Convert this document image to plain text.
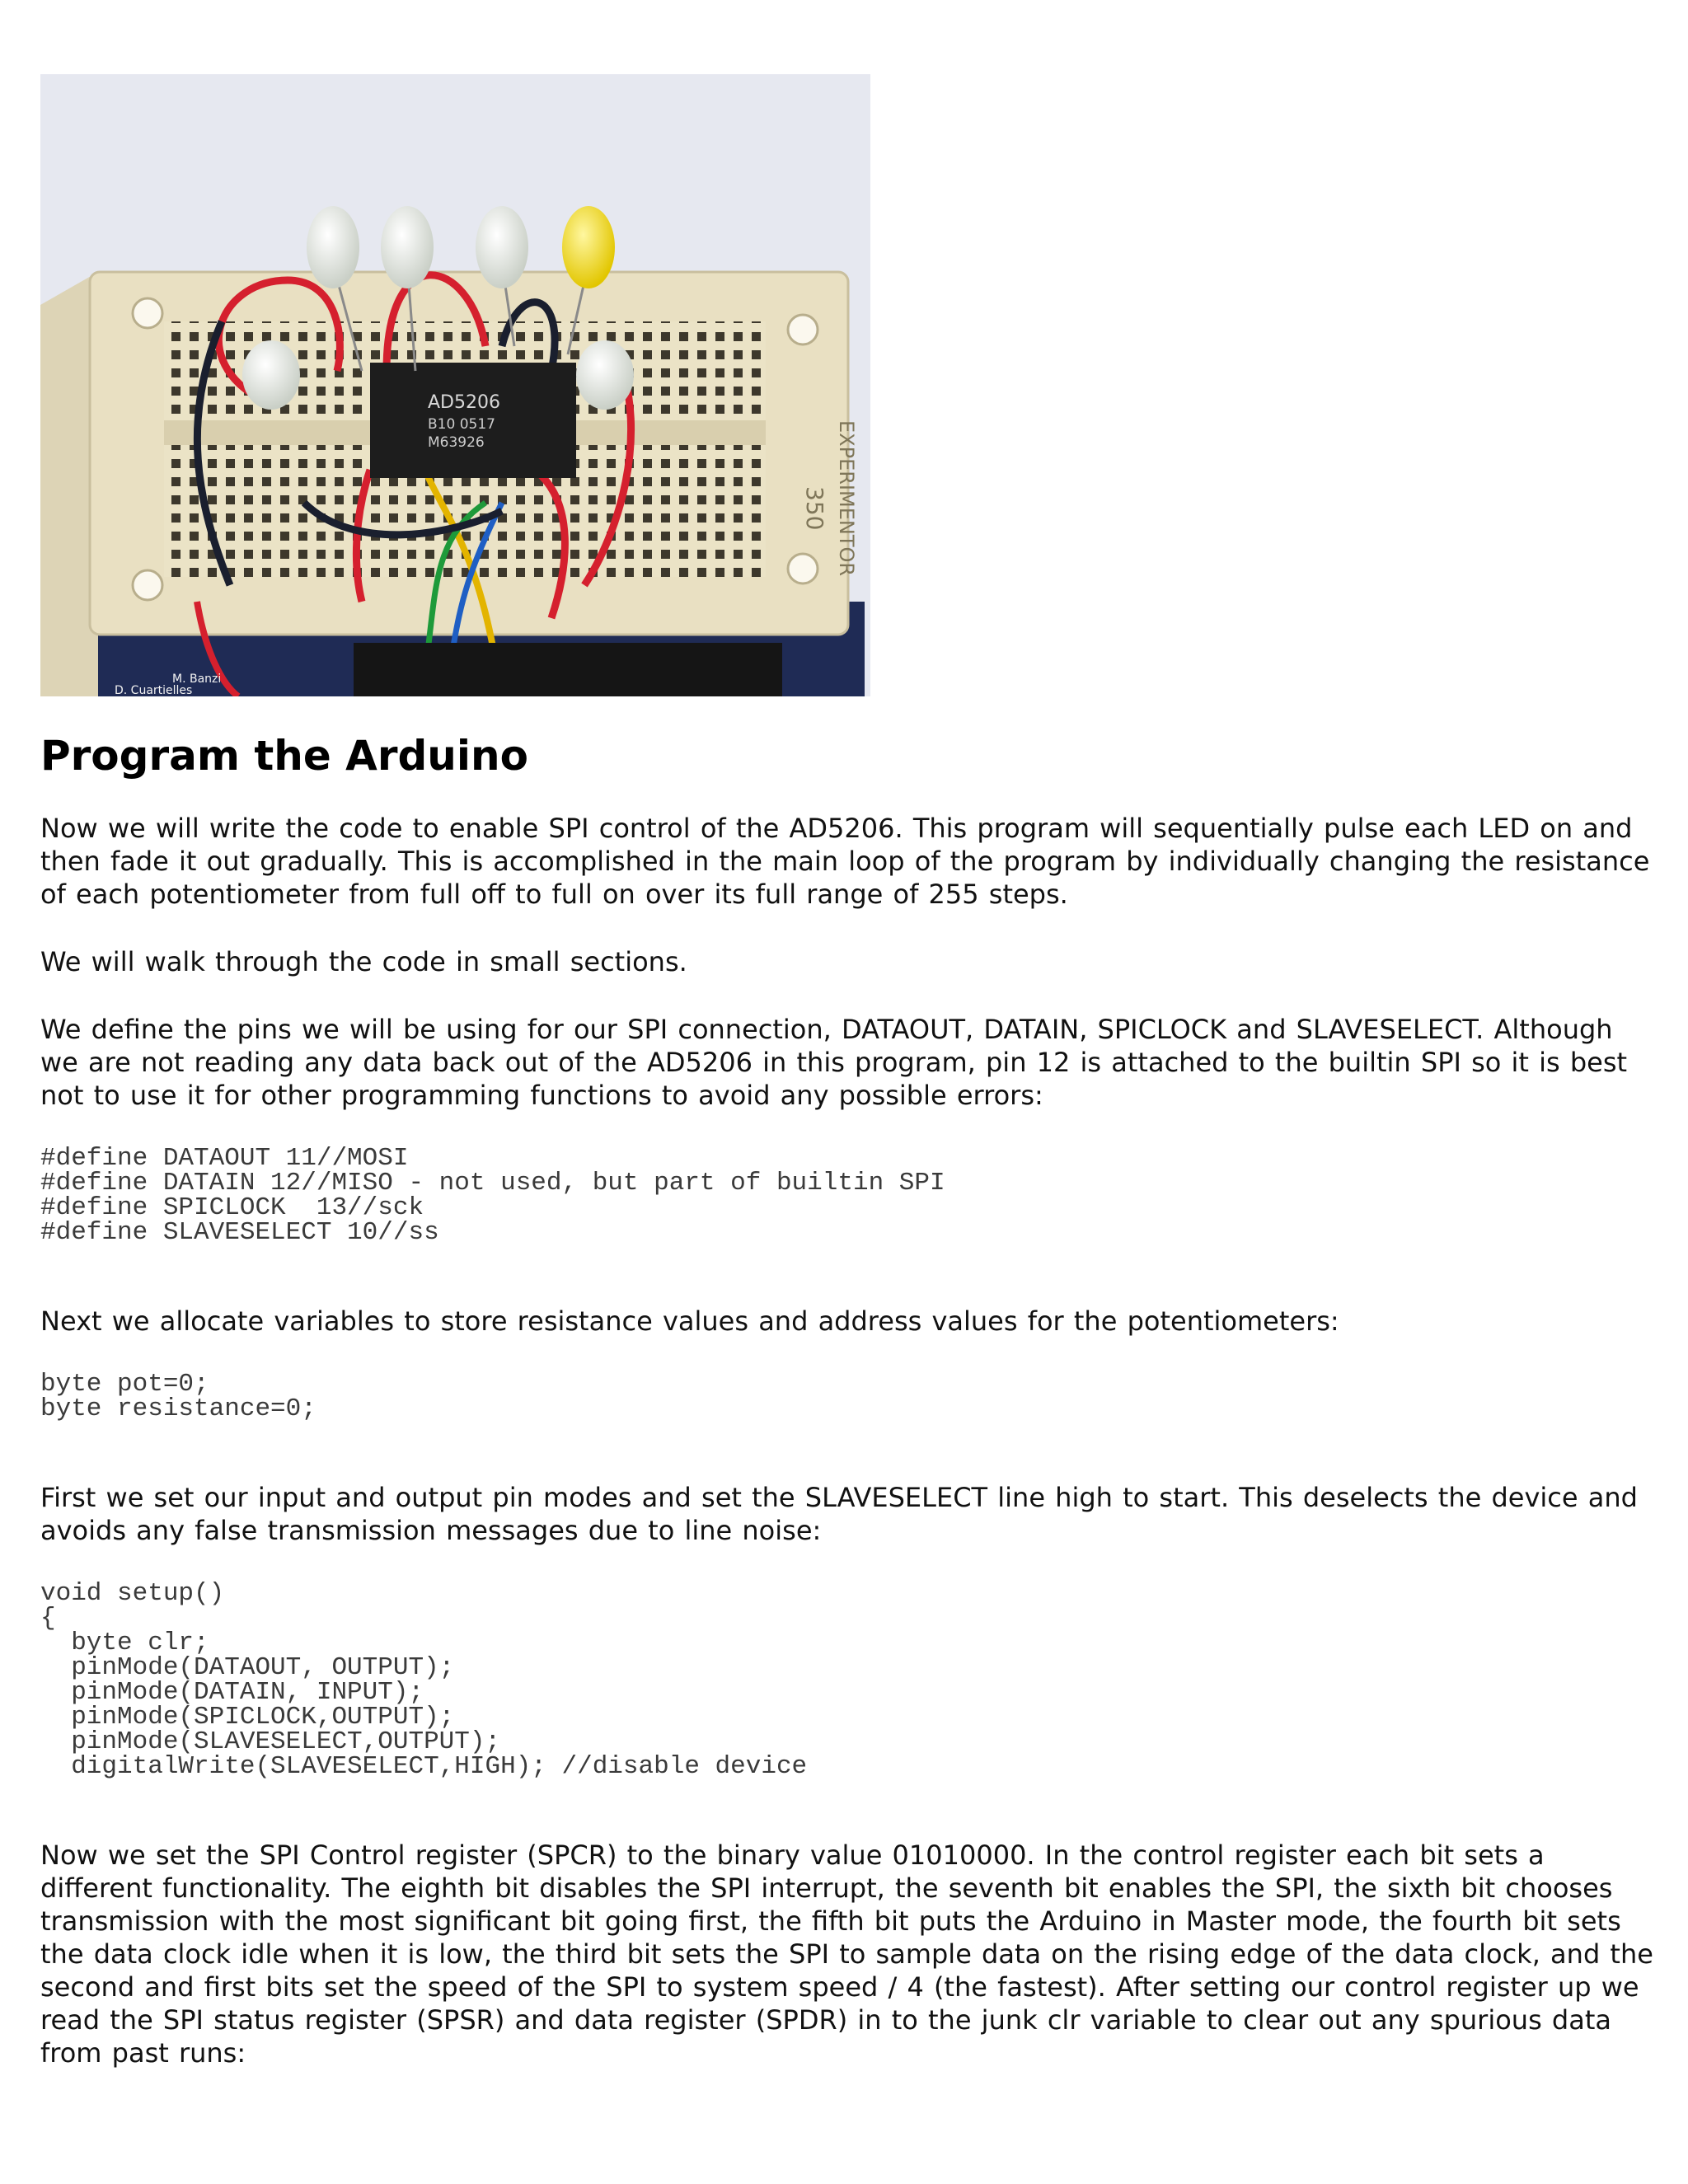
AD5206
B10 0517
M63926	EXPERIMENTOR
350
M. Banzi
D. Cuartielles
Program the Arduino

Now we will write the code to enable SPI control of the AD5206. This program will sequentially pulse each LED on and then fade it out gradually. This is accomplished in the main loop of the program by individually changing the resistance of each potentiometer from full off to full on over its full range of 255 steps.

We will walk through the code in small sections.

We define the pins we will be using for our SPI connection, DATAOUT, DATAIN, SPICLOCK and SLAVESELECT. Although we are not reading any data back out of the AD5206 in this program, pin 12 is attached to the builtin SPI so it is best not to use it for other programming functions to avoid any possible errors:

#define DATAOUT 11//MOSI
#define DATAIN 12//MISO - not used, but part of builtin SPI
#define SPICLOCK  13//sck
#define SLAVESELECT 10//ss

Next we allocate variables to store resistance values and address values for the potentiometers:

byte pot=0;
byte resistance=0;

First we set our input and output pin modes and set the SLAVESELECT line high to start. This deselects the device and avoids any false transmission messages due to line noise:

void setup()
{
byte clr;
pinMode(DATAOUT, OUTPUT);
pinMode(DATAIN, INPUT);
pinMode(SPICLOCK,OUTPUT);
pinMode(SLAVESELECT,OUTPUT);
digitalWrite(SLAVESELECT,HIGH); //disable device

Now we set the SPI Control register (SPCR) to the binary value 01010000. In the control register each bit sets a different functionality. The eighth bit disables the SPI interrupt, the seventh bit enables the SPI, the sixth bit chooses transmission with the most significant bit going first, the fifth bit puts the Arduino in Master mode, the fourth bit sets the data clock idle when it is low, the third bit sets the SPI to sample data on the rising edge of the data clock, and the second and first bits set the speed of the SPI to system speed / 4 (the fastest). After setting our control register up we read the SPI status register (SPSR) and data register (SPDR) in to the junk clr variable to clear out any spurious data from past runs:
